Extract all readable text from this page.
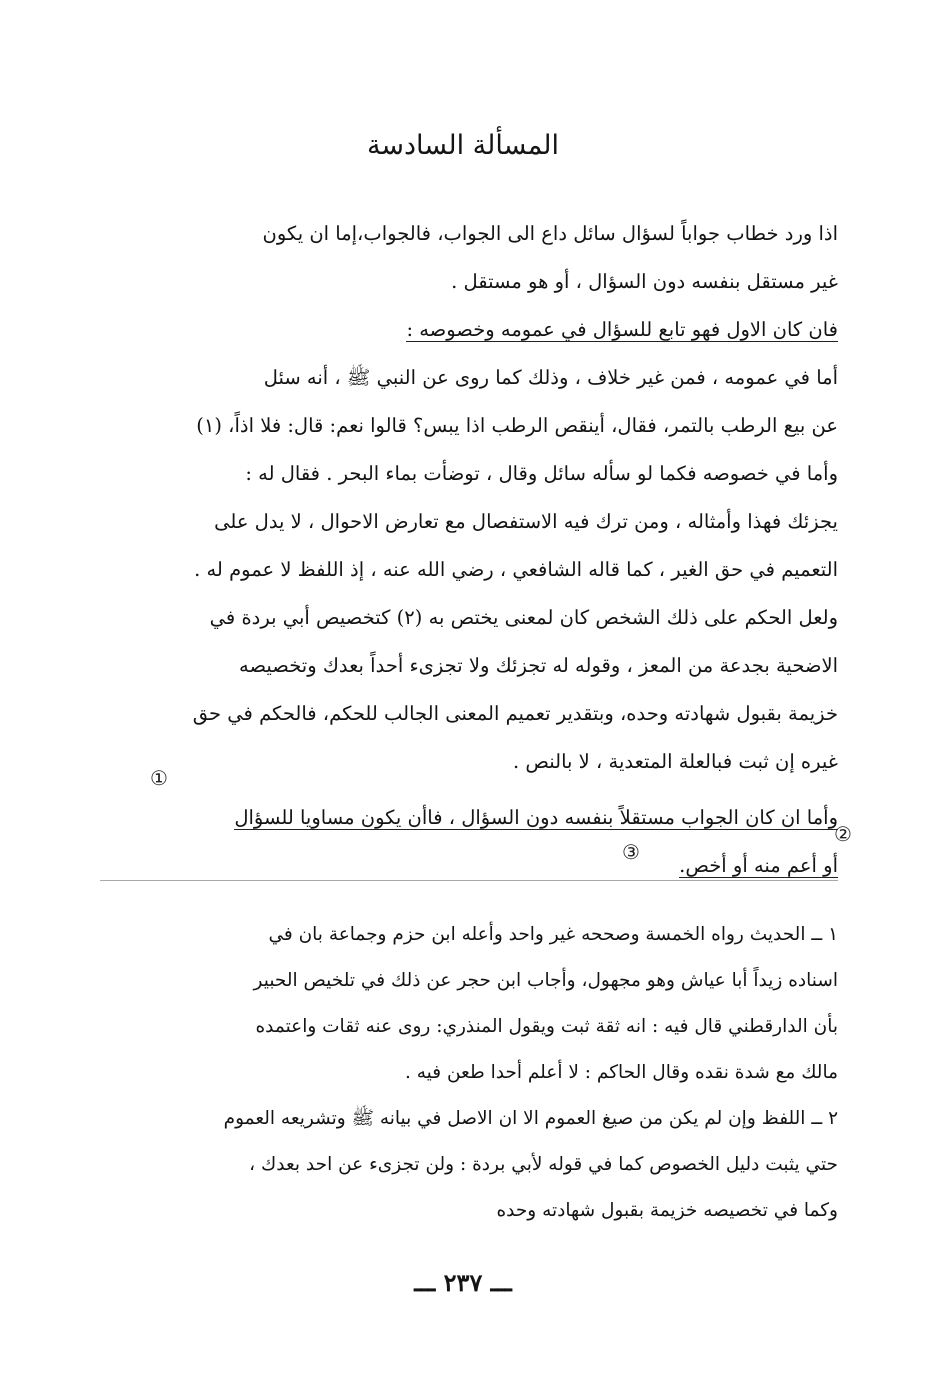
المسألة السادسة
اذا ورد خطاب جواباً لسؤال سائل داع الى الجواب، فالجواب،إما ان يكون
غير مستقل بنفسه دون السؤال ، أو هو مستقل .
فان كان الاول فهو تابع للسؤال في عمومه وخصوصه :
أما في عمومه ، فمن غير خلاف ، وذلك كما روى عن النبي ﷺ ، أنه سئل
عن بيع الرطب بالتمر، فقال، أينقص الرطب اذا يبس؟ قالوا نعم: قال: فلا اذاً، (١)
وأما في خصوصه فكما لو سأله سائل وقال ، توضأت بماء البحر . فقال له :
يجزئك فهذا وأمثاله ، ومن ترك فيه الاستفصال مع تعارض الاحوال ، لا يدل على
التعميم في حق الغير ، كما قاله الشافعي ، رضي الله عنه ، إذ اللفظ لا عموم له .
ولعل الحكم على ذلك الشخص كان لمعنى يختص به (٢) كتخصيص أبي بردة في
الاضحية بجدعة من المعز ، وقوله له تجزئك ولا تجزىء أحداً بعدك وتخصيصه
خزيمة بقبول شهادته وحده، وبتقدير تعميم المعنى الجالب للحكم، فالحكم في حق
غيره إن ثبت فبالعلة المتعدية ، لا بالنص .
وأما ان كان الجواب مستقلاً بنفسه دون السؤال ، فاأن يكون مساويا للسؤال
أو أعم منه أو أخص.
①
②
③
١ ــ الحديث رواه الخمسة وصححه غير واحد وأعله ابن حزم وجماعة بان في
اسناده زيداً أبا عياش وهو مجهول، وأجاب ابن حجر عن ذلك في تلخيص الحبير
بأن الدارقطني قال فيه : انه ثقة ثبت ويقول المنذري: روى عنه ثقات واعتمده
مالك مع شدة نقده وقال الحاكم : لا أعلم أحدا طعن فيه .
٢ ــ اللفظ وإن لم يكن من صيغ العموم الا ان الاصل في بيانه ﷺ وتشريعه العموم
حتي يثبت دليل الخصوص كما في قوله لأبي بردة : ولن تجزىء عن احد بعدك ،
وكما في تخصيصه خزيمة بقبول شهادته وحده
ـــ ٢٣٧ ـــ
